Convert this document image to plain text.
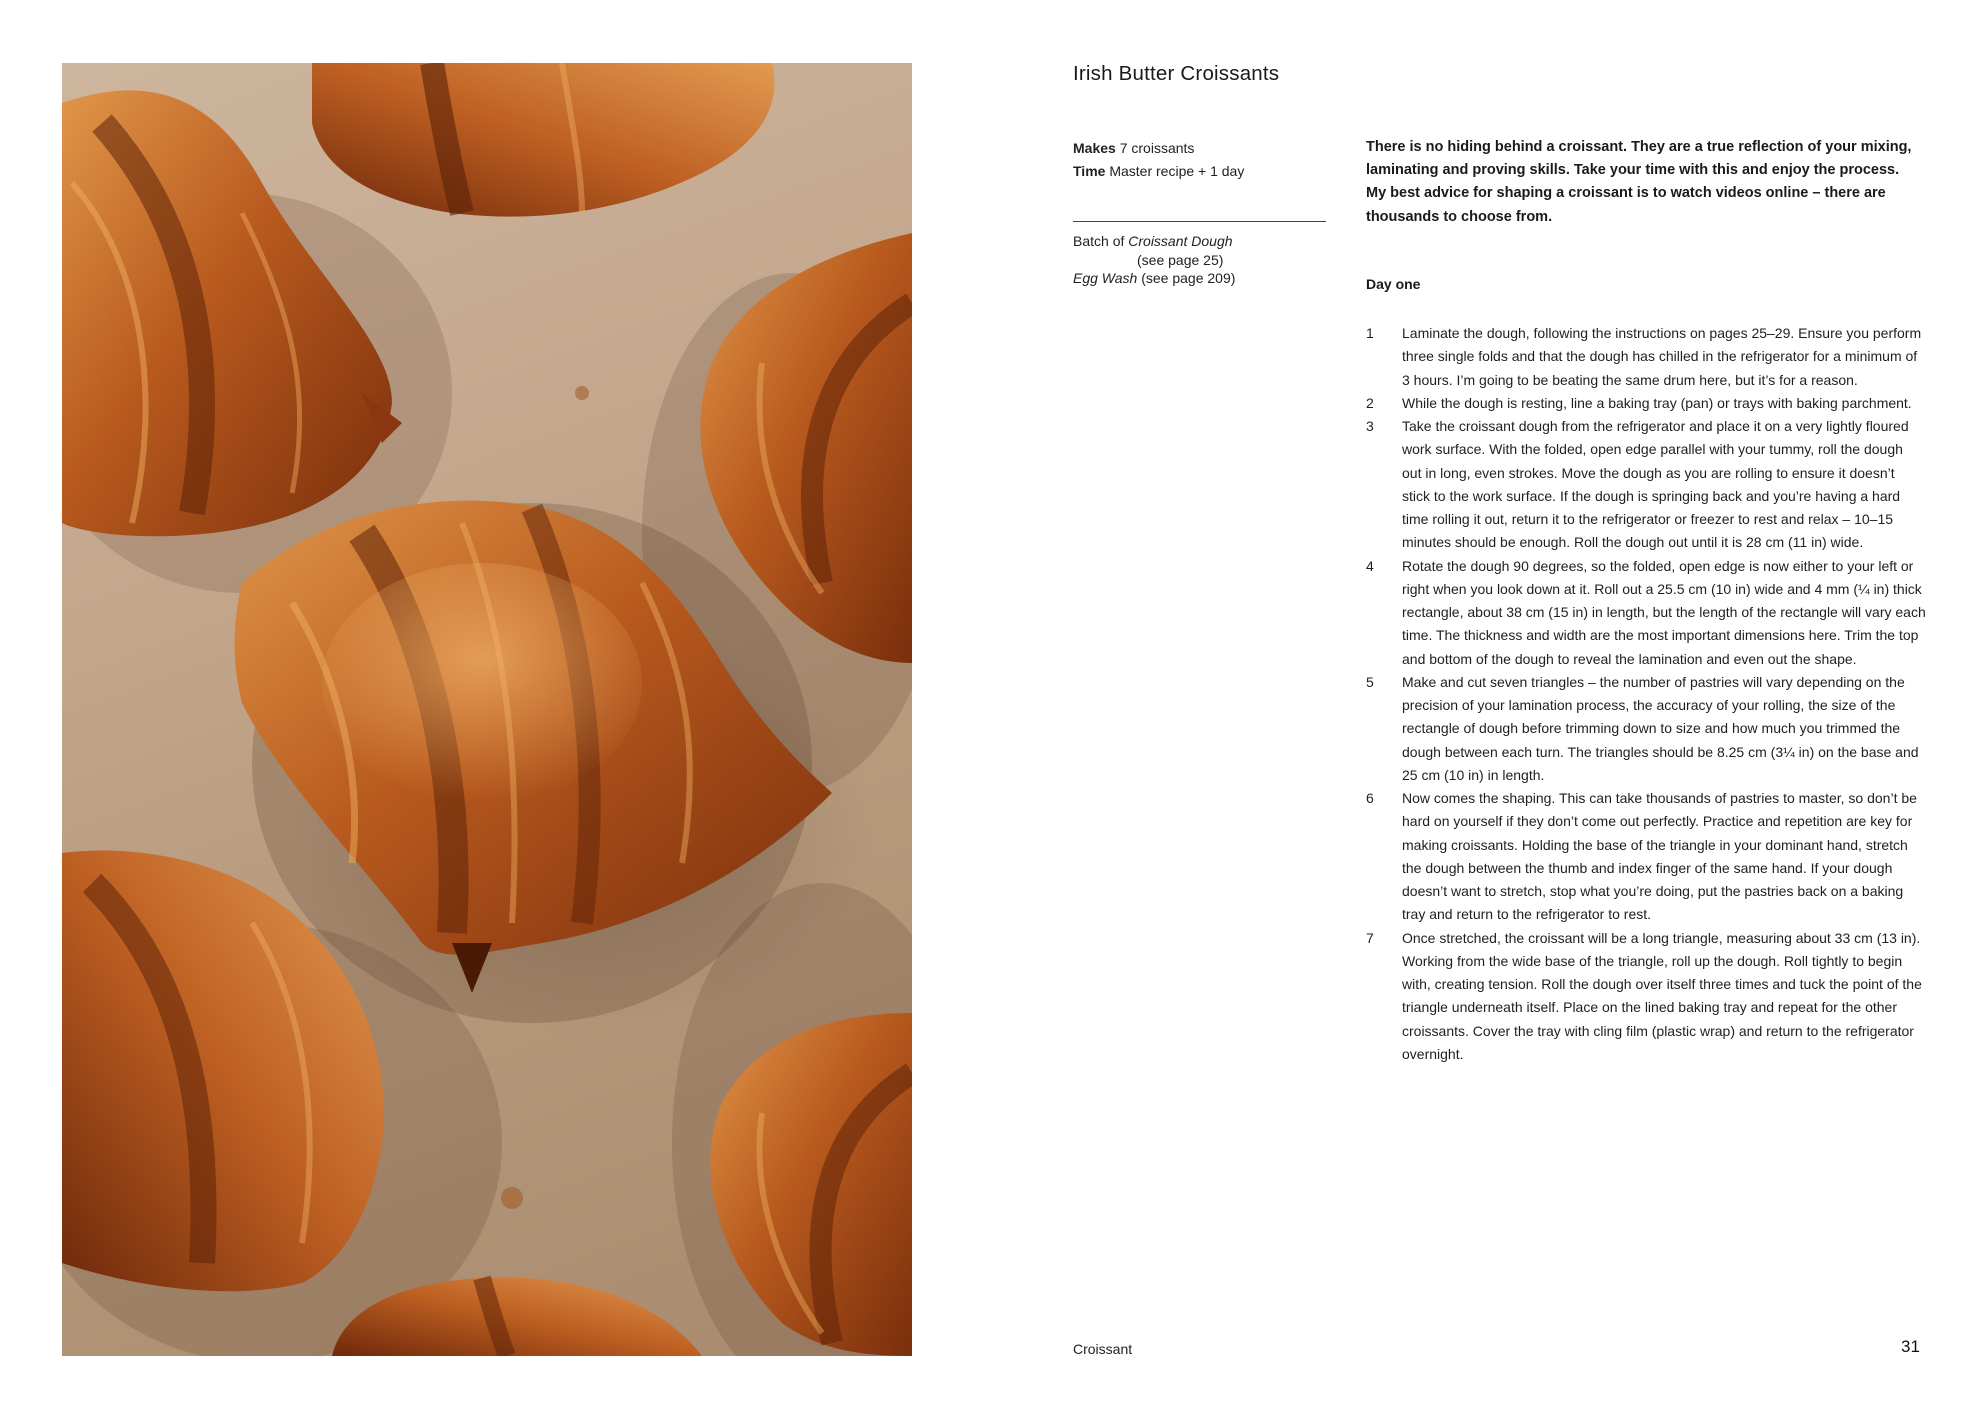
Irish Butter Croissants
Makes 7 croissants
Time Master recipe + 1 day
Batch of Croissant Dough
(see page 25)
Egg Wash (see page 209)
There is no hiding behind a croissant. They are a true reflection of your mixing, laminating and proving skills. Take your time with this and enjoy the process. My best advice for shaping a croissant is to watch videos online – there are thousands to choose from.
Day one
1 Laminate the dough, following the instructions on pages 25–29. Ensure you perform three single folds and that the dough has chilled in the refrigerator for a minimum of 3 hours. I’m going to be beating the same drum here, but it’s for a reason.
2 While the dough is resting, line a baking tray (pan) or trays with baking parchment.
3 Take the croissant dough from the refrigerator and place it on a very lightly floured work surface. With the folded, open edge parallel with your tummy, roll the dough out in long, even strokes. Move the dough as you are rolling to ensure it doesn’t stick to the work surface. If the dough is springing back and you’re having a hard time rolling it out, return it to the refrigerator or freezer to rest and relax – 10–15 minutes should be enough. Roll the dough out until it is 28 cm (11 in) wide.
4 Rotate the dough 90 degrees, so the folded, open edge is now either to your left or right when you look down at it. Roll out a 25.5 cm (10 in) wide and 4 mm (¼ in) thick rectangle, about 38 cm (15 in) in length, but the length of the rectangle will vary each time. The thickness and width are the most important dimensions here. Trim the top and bottom of the dough to reveal the lamination and even out the shape.
5 Make and cut seven triangles – the number of pastries will vary depending on the precision of your lamination process, the accuracy of your rolling, the size of the rectangle of dough before trimming down to size and how much you trimmed the dough between each turn. The triangles should be 8.25 cm (3¼ in) on the base and 25 cm (10 in) in length.
6 Now comes the shaping. This can take thousands of pastries to master, so don’t be hard on yourself if they don’t come out perfectly. Practice and repetition are key for making croissants. Holding the base of the triangle in your dominant hand, stretch the dough between the thumb and index finger of the same hand. If your dough doesn’t want to stretch, stop what you’re doing, put the pastries back on a baking tray and return to the refrigerator to rest.
7 Once stretched, the croissant will be a long triangle, measuring about 33 cm (13 in). Working from the wide base of the triangle, roll up the dough. Roll tightly to begin with, creating tension. Roll the dough over itself three times and tuck the point of the triangle underneath itself. Place on the lined baking tray and repeat for the other croissants. Cover the tray with cling film (plastic wrap) and return to the refrigerator overnight.
Croissant	31
